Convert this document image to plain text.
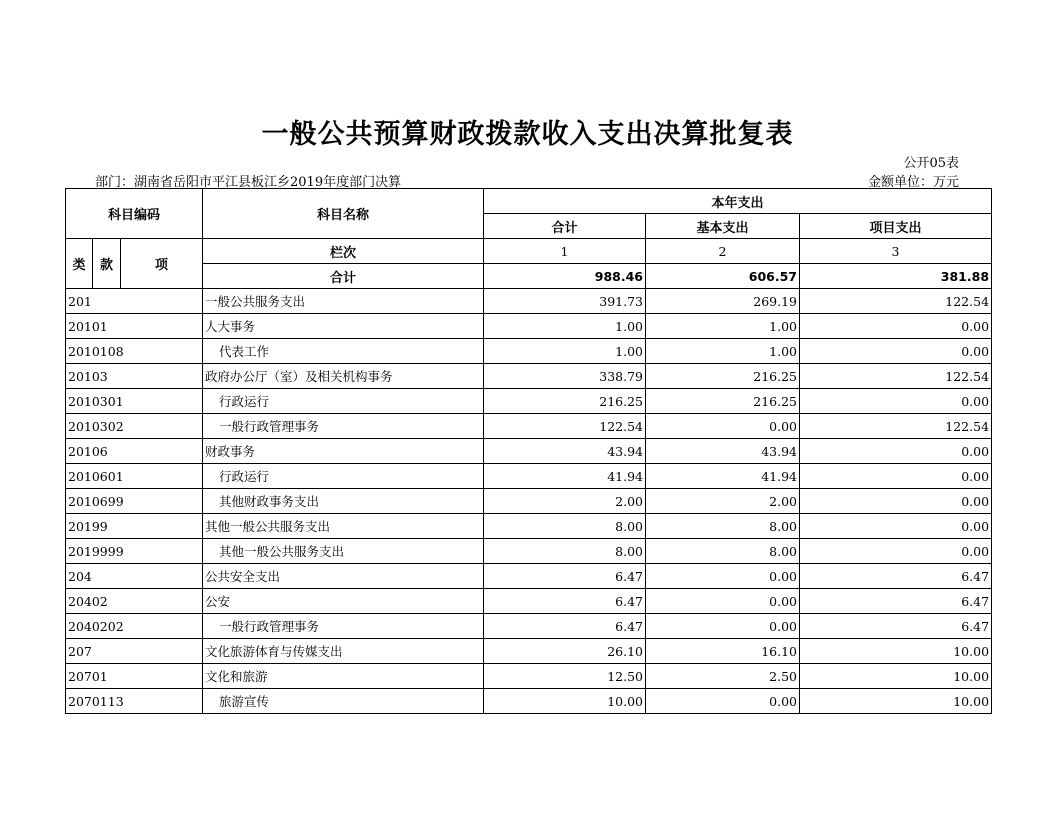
一般公共预算财政拨款收入支出决算批复表
公开05表
部门：湖南省岳阳市平江县板江乡2019年度部门决算	金额单位：万元
科目编码			科目名称	本年支出		
				合计	基本支出	项目支出
类	款	项	栏次	1	2	3
			合计	988.46	606.57	381.88
201			一般公共服务支出	391.73	269.19	122.54
20101			人大事务	1.00	1.00	0.00
2010108			代表工作	1.00	1.00	0.00
20103			政府办公厅（室）及相关机构事务	338.79	216.25	122.54
2010301			行政运行	216.25	216.25	0.00
2010302			一般行政管理事务	122.54	0.00	122.54
20106			财政事务	43.94	43.94	0.00
2010601			行政运行	41.94	41.94	0.00
2010699			其他财政事务支出	2.00	2.00	0.00
20199			其他一般公共服务支出	8.00	8.00	0.00
2019999			其他一般公共服务支出	8.00	8.00	0.00
204			公共安全支出	6.47	0.00	6.47
20402			公安	6.47	0.00	6.47
2040202			一般行政管理事务	6.47	0.00	6.47
207			文化旅游体育与传媒支出	26.10	16.10	10.00
20701			文化和旅游	12.50	2.50	10.00
2070113			旅游宣传	10.00	0.00	10.00
